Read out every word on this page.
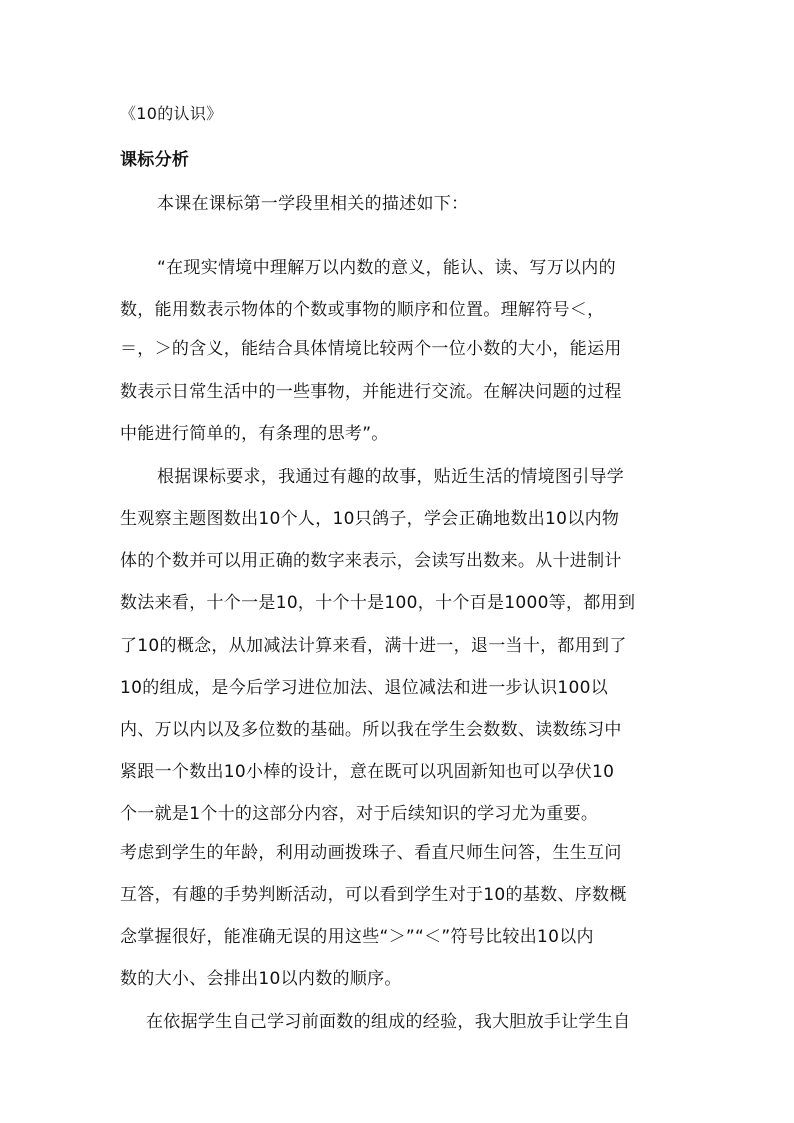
《10的认识》
课标分析
本课在课标第一学段里相关的描述如下：
“在现实情境中理解万以内数的意义，能认、读、写万以内的
数，能用数表示物体的个数或事物的顺序和位置。理解符号＜，
＝，＞的含义，能结合具体情境比较两个一位小数的大小，能运用
数表示日常生活中的一些事物，并能进行交流。在解决问题的过程
中能进行简单的，有条理的思考”。
根据课标要求，我通过有趣的故事，贴近生活的情境图引导学
生观察主题图数出10个人，10只鸽子，学会正确地数出10以内物
体的个数并可以用正确的数字来表示，会读写出数来。从十进制计
数法来看，十个一是10，十个十是100，十个百是1000等，都用到
了10的概念，从加减法计算来看，满十进一，退一当十，都用到了
10的组成，是今后学习进位加法、退位减法和进一步认识100以
内、万以内以及多位数的基础。所以我在学生会数数、读数练习中
紧跟一个数出10小棒的设计，意在既可以巩固新知也可以孕伏10
个一就是1个十的这部分内容，对于后续知识的学习尤为重要。
考虑到学生的年龄，利用动画拨珠子、看直尺师生问答，生生互问
互答，有趣的手势判断活动，可以看到学生对于10的基数、序数概
念掌握很好，能准确无误的用这些“＞”“＜”符号比较出10以内
数的大小、会排出10以内数的顺序。
在依据学生自己学习前面数的组成的经验，我大胆放手让学生自
